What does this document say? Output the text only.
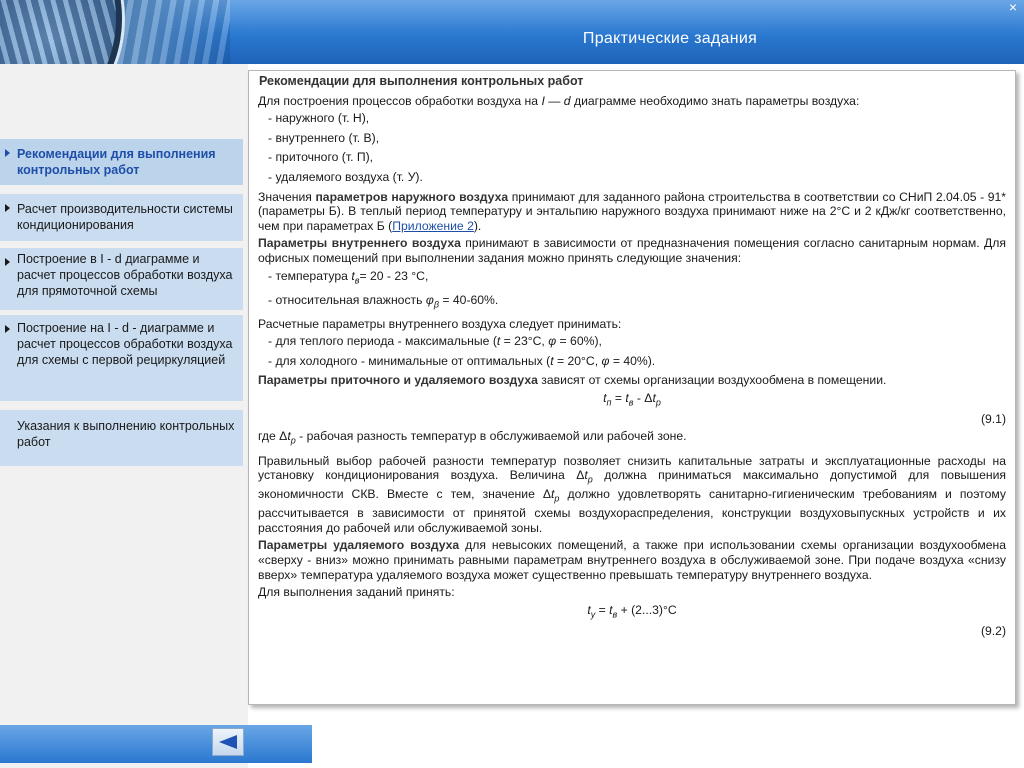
Практические задания
×
Рекомендации для выполнения контрольных работ
Расчет производительности системы кондиционирования
Построение в I - d диаграмме и расчет процессов обработки воздуха для прямоточной схемы
Построение на I - d - диаграмме и расчет процессов обработки воздуха для схемы с первой рециркуляцией
Указания к выполнению контрольных работ
Рекомендации для выполнения контрольных работ

Для построения процессов обработки воздуха на I — d диаграмме необходимо знать параметры воздуха:

- наружного (т. Н),
- внутреннего (т. В),
- приточного (т. П),
- удаляемого воздуха (т. У).

Значения параметров наружного воздуха принимают для заданного района строительства в соответствии со СНиП 2.04.05 - 91* (параметры Б). В теплый период температуру и энтальпию наружного воздуха принимают ниже на 2°С и 2 кДж/кг соответственно, чем при параметрах Б (Приложение 2).

Параметры внутреннего воздуха принимают в зависимости от предназначения помещения согласно санитарным нормам. Для офисных помещений при выполнении задания можно принять следующие значения:

- температура $t_в= 20 - 23$ °С,
- относительная влажность $\varphi_\beta = 40-60\%$.

Расчетные параметры внутреннего воздуха следует принимать:

- для теплого периода - максимальные (t = 23°С, φ = 60%),
- для холодного - минимальные от оптимальных (t = 20°С, φ = 40%).

Параметры приточного и удаляемого воздуха зависят от схемы организации воздухообмена в помещении.

$t_п = t_в - \Delta t_р$
(9.1)

где $\Delta t_р$ - рабочая разность температур в обслуживаемой или рабочей зоне.

Правильный выбор рабочей разности температур позволяет снизить капитальные затраты и эксплуатационные расходы на установку кондиционирования воздуха. Величина $\Delta t_р$ должна приниматься максимально допустимой для повышения экономичности СКВ. Вместе с тем, значение $\Delta t_р$ должно удовлетворять санитарно-гигиеническим требованиям и поэтому рассчитывается в зависимости от принятой схемы воздухораспределения, конструкции воздуховыпускных устройств и их расстояния до рабочей или обслуживаемой зоны.

Параметры удаляемого воздуха для невысоких помещений, а также при использовании схемы организации воздухообмена «сверху - вниз» можно принимать равными параметрам внутреннего воздуха в обслуживаемой зоне. При подаче воздуха «снизу вверх» температура удаляемого воздуха может существенно превышать температуру внутреннего воздуха.

Для выполнения заданий принять:

$t_у = t_в + (2...3)^\circ С$
(9.2)
